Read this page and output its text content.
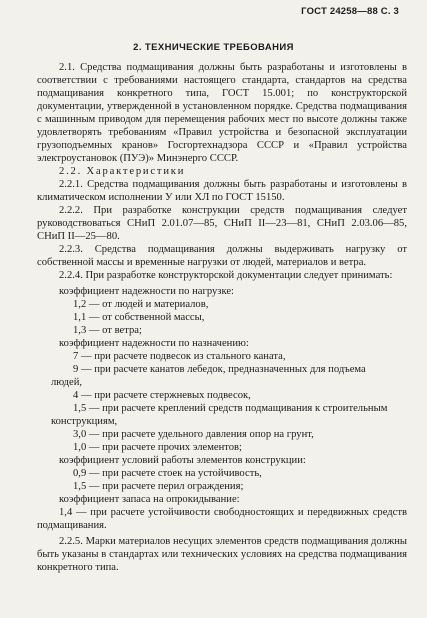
ГОСТ 24258—88 С. 3
2. ТЕХНИЧЕСКИЕ ТРЕБОВАНИЯ

2.1. Средства подмащивания должны быть разработаны и изготовлены в соответствии с требованиями настоящего стандарта, стандартов на средства подмащивания конкретного типа, ГОСТ 15.001; по конструкторской документации, утвержденной в установленном порядке. Средства подмащивания с машинным приводом для перемещения рабочих мест по высоте должны также удовлетворять требованиям «Правил устройства и безопасной эксплуатации грузоподъемных кранов» Госгортехнадзора СССР и «Правил устройства электроустановок (ПУЭ)» Минэнерго СССР.

2.2. Характеристики

2.2.1. Средства подмащивания должны быть разработаны и изготовлены в климатическом исполнении У или ХЛ по ГОСТ 15150.

2.2.2. При разработке конструкции средств подмащивания следует руководствоваться СНиП 2.01.07—85, СНиП II—23—81, СНиП 2.03.06—85, СНиП II—25—80.

2.2.3. Средства подмащивания должны выдерживать нагрузку от собственной массы и временные нагрузки от людей, материалов и ветра.

2.2.4. При разработке конструкторской документации следует принимать:

коэффициент надежности по нагрузке:

1,2 — от людей и материалов,

1,1 — от собственной массы,

1,3 — от ветра;

коэффициент надежности по назначению:

7 — при расчете подвесок из стального каната,

9 — при расчете канатов лебедок, предназначенных для подъема

людей,

4 — при расчете стержневых подвесок,

1,5 — при расчете креплений средств подмащивания к строительным

конструкциям,

3,0 — при расчете удельного давления опор на грунт,

1,0 — при расчете прочих элементов;

коэффициент условий работы элементов конструкции:

0,9 — при расчете стоек на устойчивость,

1,5 — при расчете перил ограждения;

коэффициент запаса на опрокидывание:

1,4 — при расчете устойчивости свободностоящих и передвижных средств подмащивания.

2.2.5. Марки материалов несущих элементов средств подмащивания должны быть указаны в стандартах или технических условиях на средства подмащивания конкретного типа.
